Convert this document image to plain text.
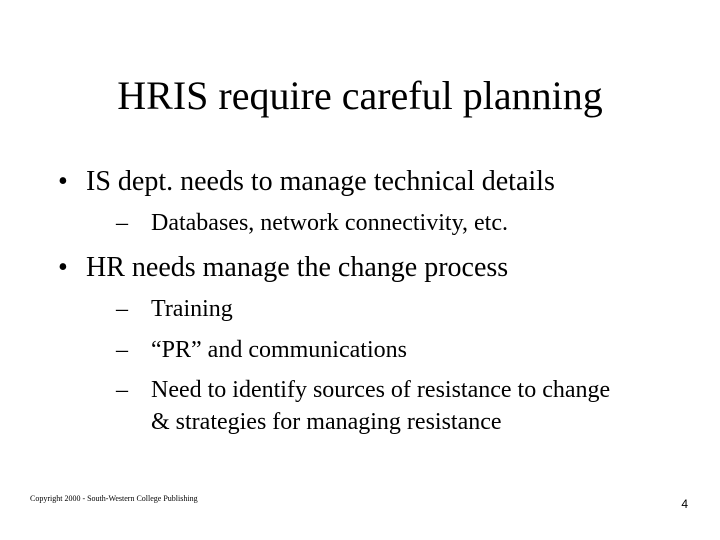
HRIS require careful planning
• IS dept. needs to manage technical details
– Databases, network connectivity, etc.
• HR needs manage the change process
– Training
– “PR” and communications
– Need to identify sources of resistance to change
& strategies for managing resistance
Copyright 2000 - South-Western College Publishing	4
